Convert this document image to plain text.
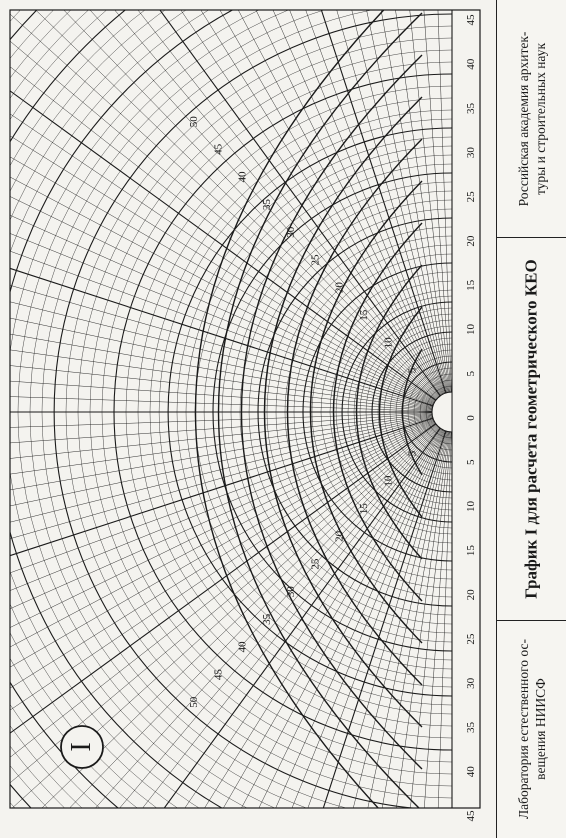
45
40
35
30
25
20
15
10
5
0
5
10
15
20
25
30
35
40
45
5
5
10
10
15
15
20
20
25
25
30
30
35
35
40
40
45
45
50
50
I
Российская академия архитек- туры и строительных наук
График I для расчета геометрического КЕО
Лаборатория естественного ос- вещения НИИСФ
